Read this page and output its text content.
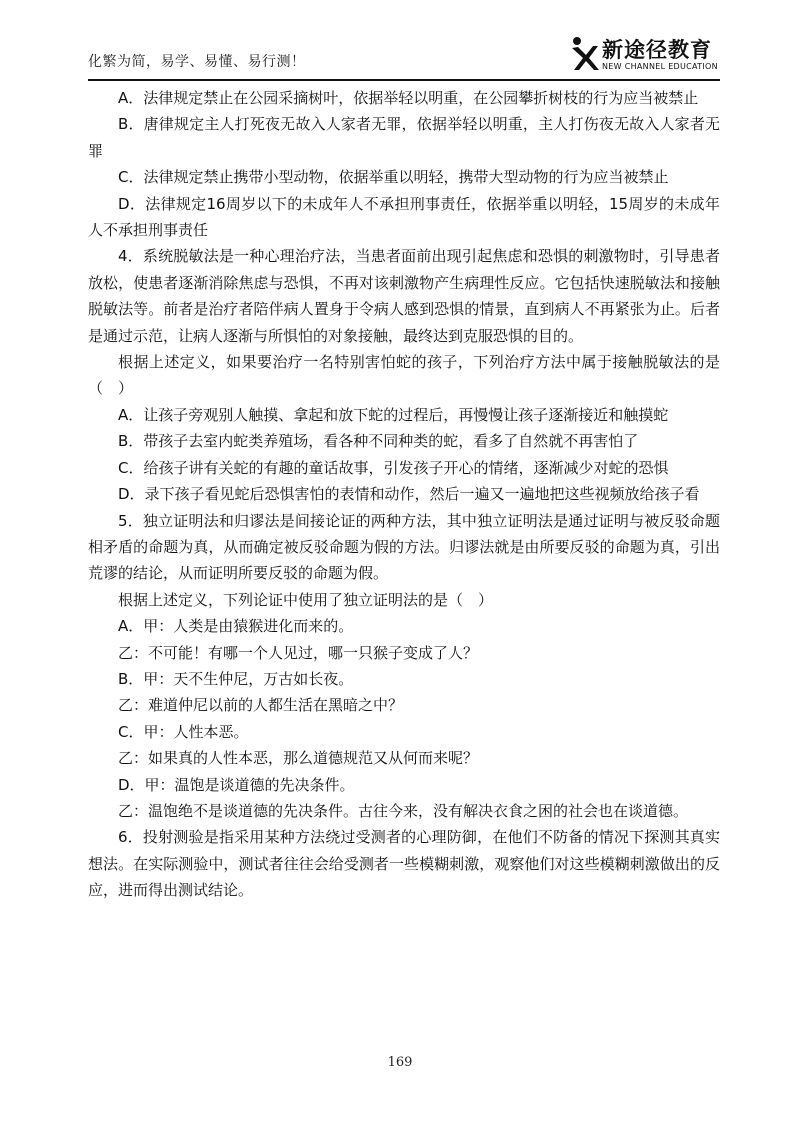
化繁为简，易学、易懂、易行测！	新途径教育
NEW CHANNEL EDUCATION

A．法律规定禁止在公园采摘树叶，依据举轻以明重，在公园攀折树枝的行为应当被禁止

B．唐律规定主人打死夜无故入人家者无罪，依据举轻以明重，主人打伤夜无故入人家者无罪

C．法律规定禁止携带小型动物，依据举重以明轻，携带大型动物的行为应当被禁止

D．法律规定16周岁以下的未成年人不承担刑事责任，依据举重以明轻，15周岁的未成年人不承担刑事责任

4．系统脱敏法是一种心理治疗法，当患者面前出现引起焦虑和恐惧的刺激物时，引导患者放松，使患者逐渐消除焦虑与恐惧，不再对该刺激物产生病理性反应。它包括快速脱敏法和接触脱敏法等。前者是治疗者陪伴病人置身于令病人感到恐惧的情景，直到病人不再紧张为止。后者是通过示范，让病人逐渐与所惧怕的对象接触，最终达到克服恐惧的目的。

根据上述定义，如果要治疗一名特别害怕蛇的孩子，下列治疗方法中属于接触脱敏法的是（　）

A．让孩子旁观别人触摸、拿起和放下蛇的过程后，再慢慢让孩子逐渐接近和触摸蛇

B．带孩子去室内蛇类养殖场，看各种不同种类的蛇，看多了自然就不再害怕了

C．给孩子讲有关蛇的有趣的童话故事，引发孩子开心的情绪，逐渐减少对蛇的恐惧

D．录下孩子看见蛇后恐惧害怕的表情和动作，然后一遍又一遍地把这些视频放给孩子看

5．独立证明法和归谬法是间接论证的两种方法，其中独立证明法是通过证明与被反驳命题相矛盾的命题为真，从而确定被反驳命题为假的方法。归谬法就是由所要反驳的命题为真，引出荒谬的结论，从而证明所要反驳的命题为假。

根据上述定义，下列论证中使用了独立证明法的是（　）

A．甲：人类是由猿猴进化而来的。

乙：不可能！有哪一个人见过，哪一只猴子变成了人？

B．甲：天不生仲尼，万古如长夜。

乙：难道仲尼以前的人都生活在黑暗之中？

C．甲：人性本恶。

乙：如果真的人性本恶，那么道德规范又从何而来呢？

D．甲：温饱是谈道德的先决条件。

乙：温饱绝不是谈道德的先决条件。古往今来，没有解决衣食之困的社会也在谈道德。

6．投射测验是指采用某种方法绕过受测者的心理防御，在他们不防备的情况下探测其真实想法。在实际测验中，测试者往往会给受测者一些模糊刺激，观察他们对这些模糊刺激做出的反应，进而得出测试结论。

169
